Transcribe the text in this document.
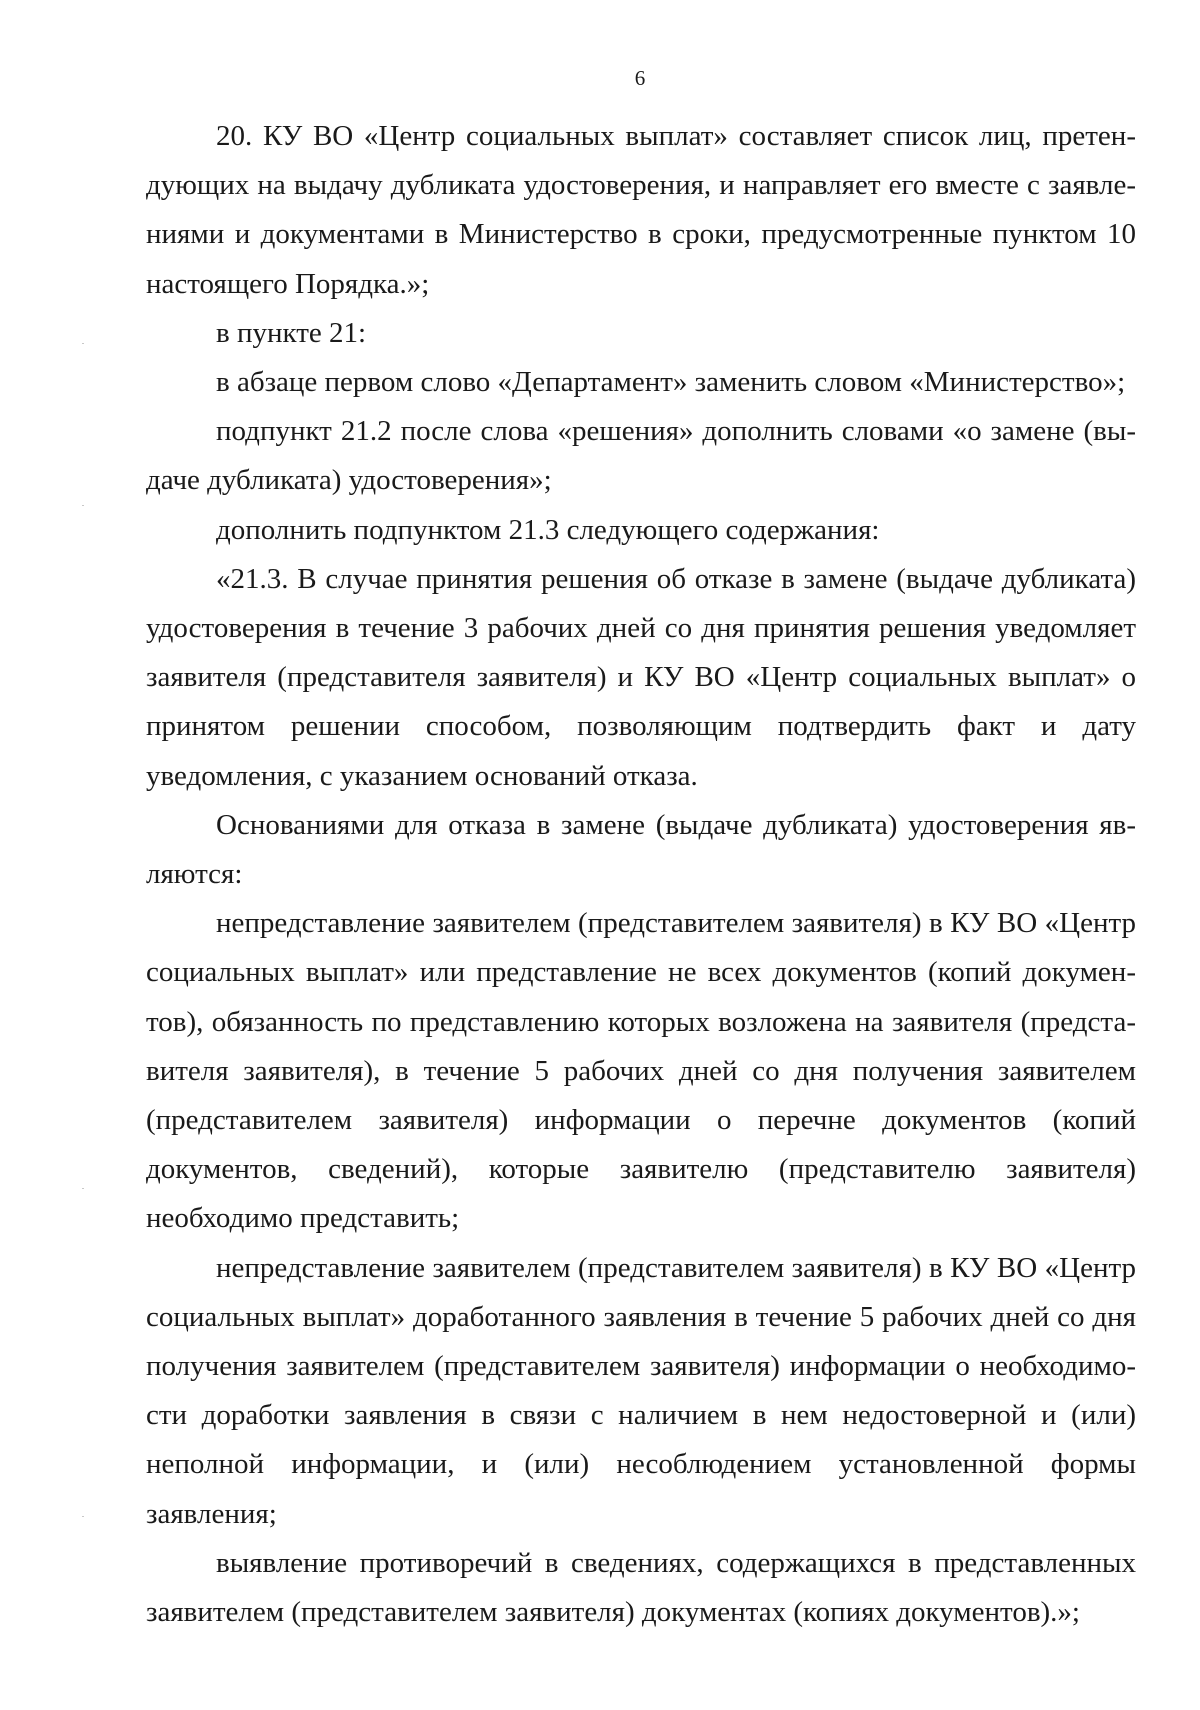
6

20. КУ ВО «Центр социальных выплат» составляет список лиц, претендующих на выдачу дубликата удостоверения, и направляет его вместе с заявлениями и документами в Министерство в сроки, предусмотренные пунктом 10 настоящего Порядка.»;

в пункте 21:

в абзаце первом слово «Департамент» заменить словом «Министерство»;

подпункт 21.2 после слова «решения» дополнить словами «о замене (выдаче дубликата) удостоверения»;

дополнить подпунктом 21.3 следующего содержания:

«21.3. В случае принятия решения об отказе в замене (выдаче дубликата) удостоверения в течение 3 рабочих дней со дня принятия решения уведомляет заявителя (представителя заявителя) и КУ ВО «Центр социальных выплат» о принятом решении способом, позволяющим подтвердить факт и дату уведомления, с указанием оснований отказа.

Основаниями для отказа в замене (выдаче дубликата) удостоверения являются:

непредставление заявителем (представителем заявителя) в КУ ВО «Центр социальных выплат» или представление не всех документов (копий документов), обязанность по представлению которых возложена на заявителя (представителя заявителя), в течение 5 рабочих дней со дня получения заявителем (представителем заявителя) информации о перечне документов (копий документов, сведений), которые заявителю (представителю заявителя) необходимо представить;

непредставление заявителем (представителем заявителя) в КУ ВО «Центр социальных выплат» доработанного заявления в течение 5 рабочих дней со дня получения заявителем (представителем заявителя) информации о необходимости доработки заявления в связи с наличием в нем недостоверной и (или) неполной информации, и (или) несоблюдением установленной формы заявления;

выявление противоречий в сведениях, содержащихся в представленных заявителем (представителем заявителя) документах (копиях документов).»;
